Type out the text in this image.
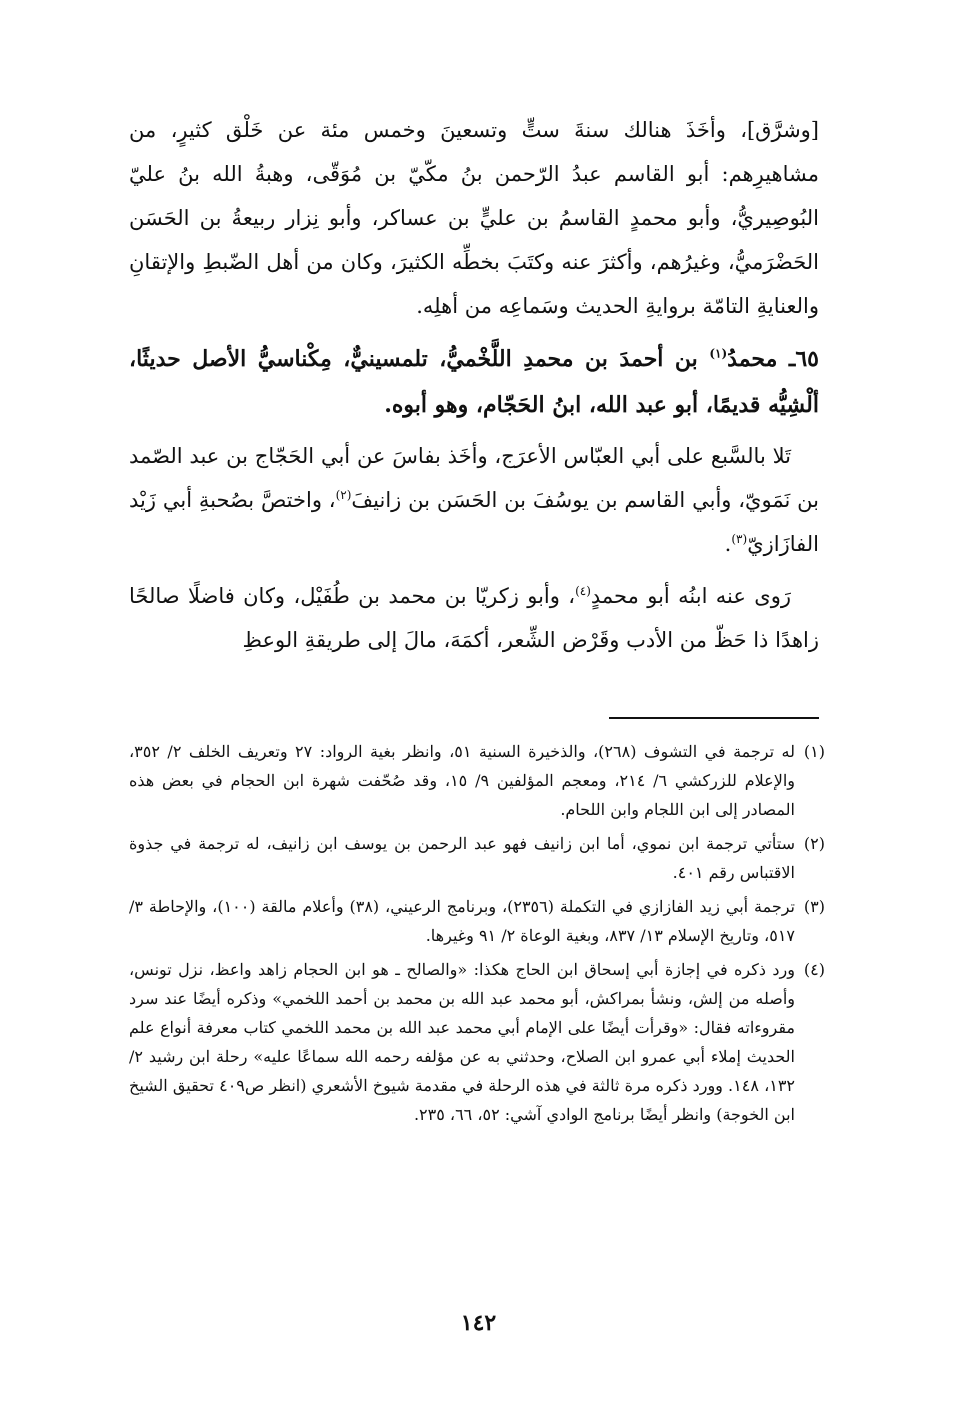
[وشرَّق]، وأخَذَ هنالك سنةَ ستٍّ وتسعينَ وخمس مئة عن خَلْق كثيرٍ، من مشاهيرِهم: أبو القاسم عبدُ الرّحمن بنُ مكّيّ بن مُوَقّى، وهبةُ الله بنُ عليّ البُوصِيريُّ، وأبو محمدٍ القاسمُ بن عليٍّ بن عساكر، وأبو نِزار ربيعةُ بن الحَسَن الحَضْرَميُّ، وغيرُهم، وأكثرَ عنه وكتَبَ بخطِّه الكثيرَ، وكان من أهل الضّبطِ والإتقانِ والعنايةِ التامّة بروايةِ الحديث وسَماعِه من أهلِه.

٦٥ـ محمدُ$^{(١)}$ بن أحمدَ بن محمدِ اللَّخْميُّ، تلمسينيٌّ، مِكْناسيُّ الأصل حديثًا، ألْشِيُّه قديمًا، أبو عبد الله، ابنُ الحَجّام، وهو أبوه.

تَلا بالسَّبع على أبي العبّاس الأعرَج، وأخَذ بفاسَ عن أبي الحَجّاج بن عبد الصّمد بن نَمَويّ، وأبي القاسم بن يوسُفَ بن الحَسَن بن زانيفَ$^{(٢)}$، واختصَّ بصُحبةِ أبي زَيْد الفازَازيّ$^{(٣)}$.

رَوى عنه ابنُه أبو محمدٍ$^{(٤)}$، وأبو زكريّا بن محمد بن طُفَيْل، وكان فاضلًا صالحًا زاهدًا ذا حَظّ من الأدب وقَرْض الشِّعر، أكمَهَ، مالَ إلى طريقةِ الوعظِ

(١)
له ترجمة في التشوف (٢٦٨)، والذخيرة السنية ٥١، وانظر بغية الرواد: ٢٧ وتعريف الخلف ٢/ ٣٥٢، والإعلام للزركشي ٦/ ٢١٤، ومعجم المؤلفين ٩/ ١٥، وقد صُحّفت شهرة ابن الحجام في بعض هذه المصادر إلى ابن اللجام وابن اللحام.

(٢)
ستأتي ترجمة ابن نموي، أما ابن زانيف فهو عبد الرحمن بن يوسف ابن زانيف، له ترجمة في جذوة الاقتباس رقم ٤٠١.

(٣)
ترجمة أبي زيد الفازازي في التكملة (٢٣٥٦)، وبرنامج الرعيني، (٣٨) وأعلام مالقة (١٠٠)، والإحاطة ٣/ ٥١٧، وتاريخ الإسلام ١٣/ ٨٣٧، وبغية الوعاة ٢/ ٩١ وغيرها.

(٤)
ورد ذكره في إجازة أبي إسحاق ابن الحاج هكذا: «والصالح ـ هو ابن الحجام زاهد واعظ، نزل تونس، وأصله من إلش، ونشأ بمراكش، أبو محمد عبد الله بن محمد بن أحمد اللخمي» وذكره أيضًا عند سرد مقروءاته فقال: «وقرأت أيضًا على الإمام أبي محمد عبد الله بن محمد اللخمي كتاب معرفة أنواع علم الحديث إملاء أبي عمرو ابن الصلاح، وحدثني به عن مؤلفه رحمه الله سماعًا عليه» رحلة ابن رشيد ٢/ ١٣٢، ١٤٨. وورد ذكره مرة ثالثة في هذه الرحلة في مقدمة شيوخ الأشعري (انظر ص٤٠٩ تحقيق الشيخ ابن الخوجة) وانظر أيضًا برنامج الوادي آشي: ٥٢، ٦٦، ٢٣٥.

١٤٢
